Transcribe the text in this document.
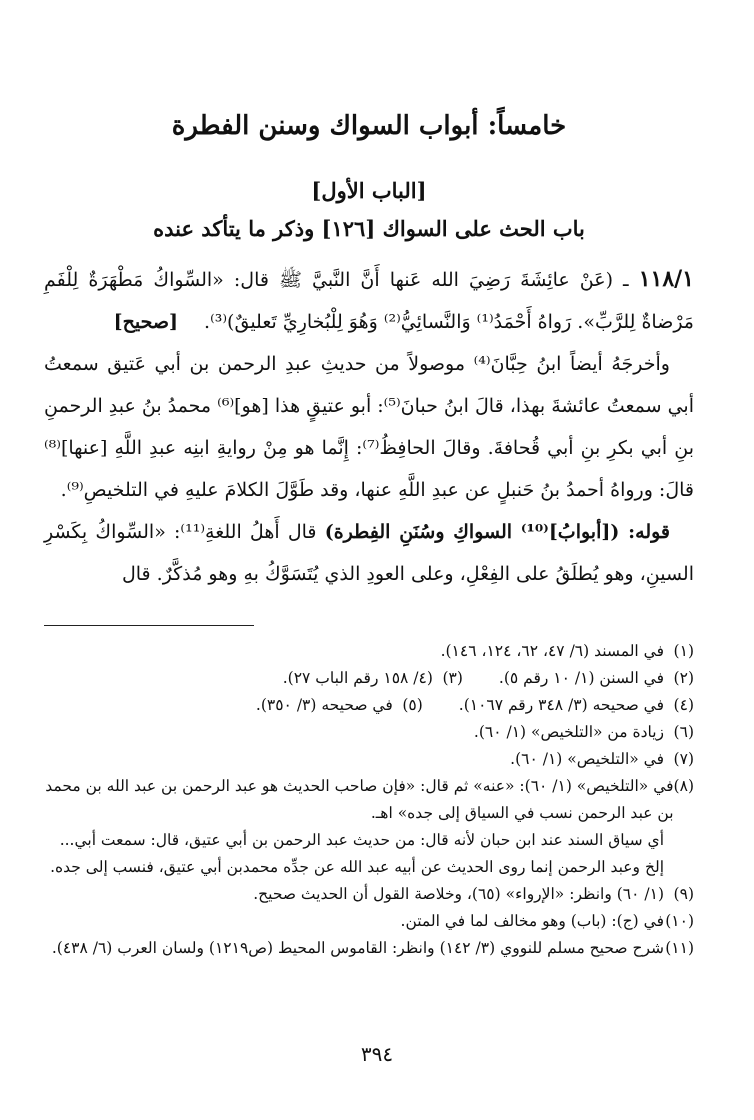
خامساً: أبواب السواك وسنن الفطرة
[الباب الأول]
باب الحث على السواك [١٢٦] وذكر ما يتأكد عنده

١١٨/١ ـ (عَنْ عائِشَةَ رَضِيَ الله عَنها أَنَّ النَّبيَّ ﷺ قال: «السِّواكُ مَطْهَرَةٌ لِلْفَمِ مَرْضاةٌ لِلرَّبِّ». رَواهُ أَحْمَدُ⁽¹⁾ وَالنَّسائِيُّ⁽²⁾ وَهُوَ لِلْبُخارِيِّ تَعليقٌ)⁽³⁾. [صحيح]

وأخرجَهُ أيضاً ابنُ حِبَّانَ⁽⁴⁾ موصولاً من حديثِ عبدِ الرحمن بن أبي عَتيق سمعتُ أبي سمعتُ عائشةَ بهذا، قالَ ابنُ حبانَ⁽⁵⁾: أبو عتيقٍ هذا [هو]⁽⁶⁾ محمدُ بنُ عبدِ الرحمنِ بنِ أبي بكرِ بنِ أبي قُحافةَ. وقالَ الحافِظُ⁽⁷⁾: إِنَّما هو مِنْ روايةِ ابنِه عبدِ اللَّهِ [عنها]⁽⁸⁾ قالَ: ورواهُ أحمدُ بنُ حَنبلٍ عن عبدِ اللَّهِ عنها، وقد طَوَّلَ الكلامَ عليهِ في التلخيصِ⁽⁹⁾.

قوله: ([أبوابُ]⁽¹⁰⁾ السواكِ وسُنَنِ الفِطرة) قال أَهلُ اللغةِ⁽¹¹⁾: «السِّواكُ بِكَسْرِ السينِ، وهو يُطلَقُ على الفِعْلِ، وعلى العودِ الذي يُتَسَوَّكُ بهِ وهو مُذكَّرٌ. قال

(١)
في المسند (٦/ ٤٧، ٦٢، ١٢٤، ١٤٦).
(٢)في السنن (١/ ١٠ رقم ٥).
(٣)(٤/ ١٥٨ رقم الباب ٢٧).
(٤)في صحيحه (٣/ ٣٤٨ رقم ١٠٦٧).
(٥)في صحيحه (٣/ ٣٥٠).
(٦)
زيادة من «التلخيص» (١/ ٦٠).
(٧)
في «التلخيص» (١/ ٦٠).
(٨)
في «التلخيص» (١/ ٦٠): «عنه» ثم قال: «فإن صاحب الحديث هو عبد الرحمن بن عبد الله بن محمد بن عبد الرحمن نسب في السياق إلى جده» اهـ.
أي سياق السند عند ابن حبان لأنه قال: من حديث عبد الرحمن بن أبي عتيق، قال: سمعت أبي... إلخ وعبد الرحمن إنما روى الحديث عن أبيه عبد الله عن جدِّه محمدبن أبي عتيق، فنسب إلى جده.
(٩)
(١/ ٦٠) وانظر: «الإرواء» (٦٥)، وخلاصة القول أن الحديث صحيح.
(١٠)
في (ج): (باب) وهو مخالف لما في المتن.
(١١)
شرح صحيح مسلم للنووي (٣/ ١٤٢) وانظر: القاموس المحيط (ص١٢١٩) ولسان العرب (٦/ ٤٣٨).
٣٩٤
